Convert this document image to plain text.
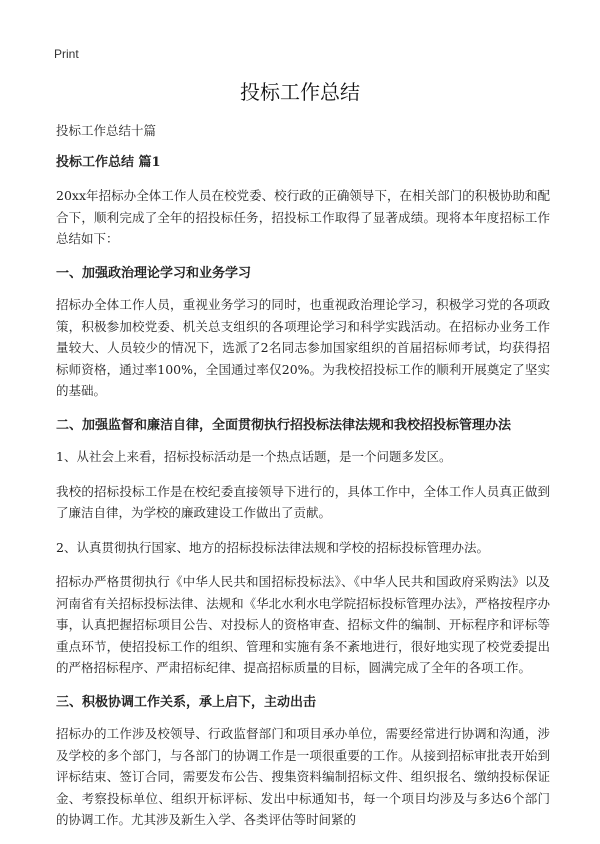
Print
投标工作总结

投标工作总结十篇

投标工作总结 篇1

20xx年招标办全体工作人员在校党委、校行政的正确领导下，在相关部门的积极协助和配合下，顺利完成了全年的招投标任务，招投标工作取得了显著成绩。现将本年度招标工作总结如下：

一、加强政治理论学习和业务学习

招标办全体工作人员，重视业务学习的同时，也重视政治理论学习，积极学习党的各项政策，积极参加校党委、机关总支组织的各项理论学习和科学实践活动。在招标办业务工作量较大、人员较少的情况下，选派了2名同志参加国家组织的首届招标师考试，均获得招标师资格，通过率100%，全国通过率仅20%。为我校招投标工作的顺利开展奠定了坚实的基础。

二、加强监督和廉洁自律，全面贯彻执行招投标法律法规和我校招投标管理办法

1、从社会上来看，招标投标活动是一个热点话题，是一个问题多发区。

我校的招标投标工作是在校纪委直接领导下进行的，具体工作中，全体工作人员真正做到了廉洁自律，为学校的廉政建设工作做出了贡献。

2、认真贯彻执行国家、地方的招标投标法律法规和学校的招标投标管理办法。

招标办严格贯彻执行《中华人民共和国招标投标法》、《中华人民共和国政府采购法》以及河南省有关招标投标法律、法规和《华北水利水电学院招标投标管理办法》，严格按程序办事，认真把握招标项目公告、对投标人的资格审查、招标文件的编制、开标程序和评标等重点环节，使招投标工作的组织、管理和实施有条不紊地进行，很好地实现了校党委提出的严格招标程序、严肃招标纪律、提高招标质量的目标，圆满完成了全年的各项工作。

三、积极协调工作关系，承上启下，主动出击

招标办的工作涉及校领导、行政监督部门和项目承办单位，需要经常进行协调和沟通，涉及学校的多个部门，与各部门的协调工作是一项很重要的工作。从接到招标审批表开始到评标结束、签订合同，需要发布公告、搜集资料编制招标文件、组织报名、缴纳投标保证金、考察投标单位、组织开标评标、发出中标通知书，每一个项目均涉及与多达6个部门的协调工作。尤其涉及新生入学、各类评估等时间紧的
